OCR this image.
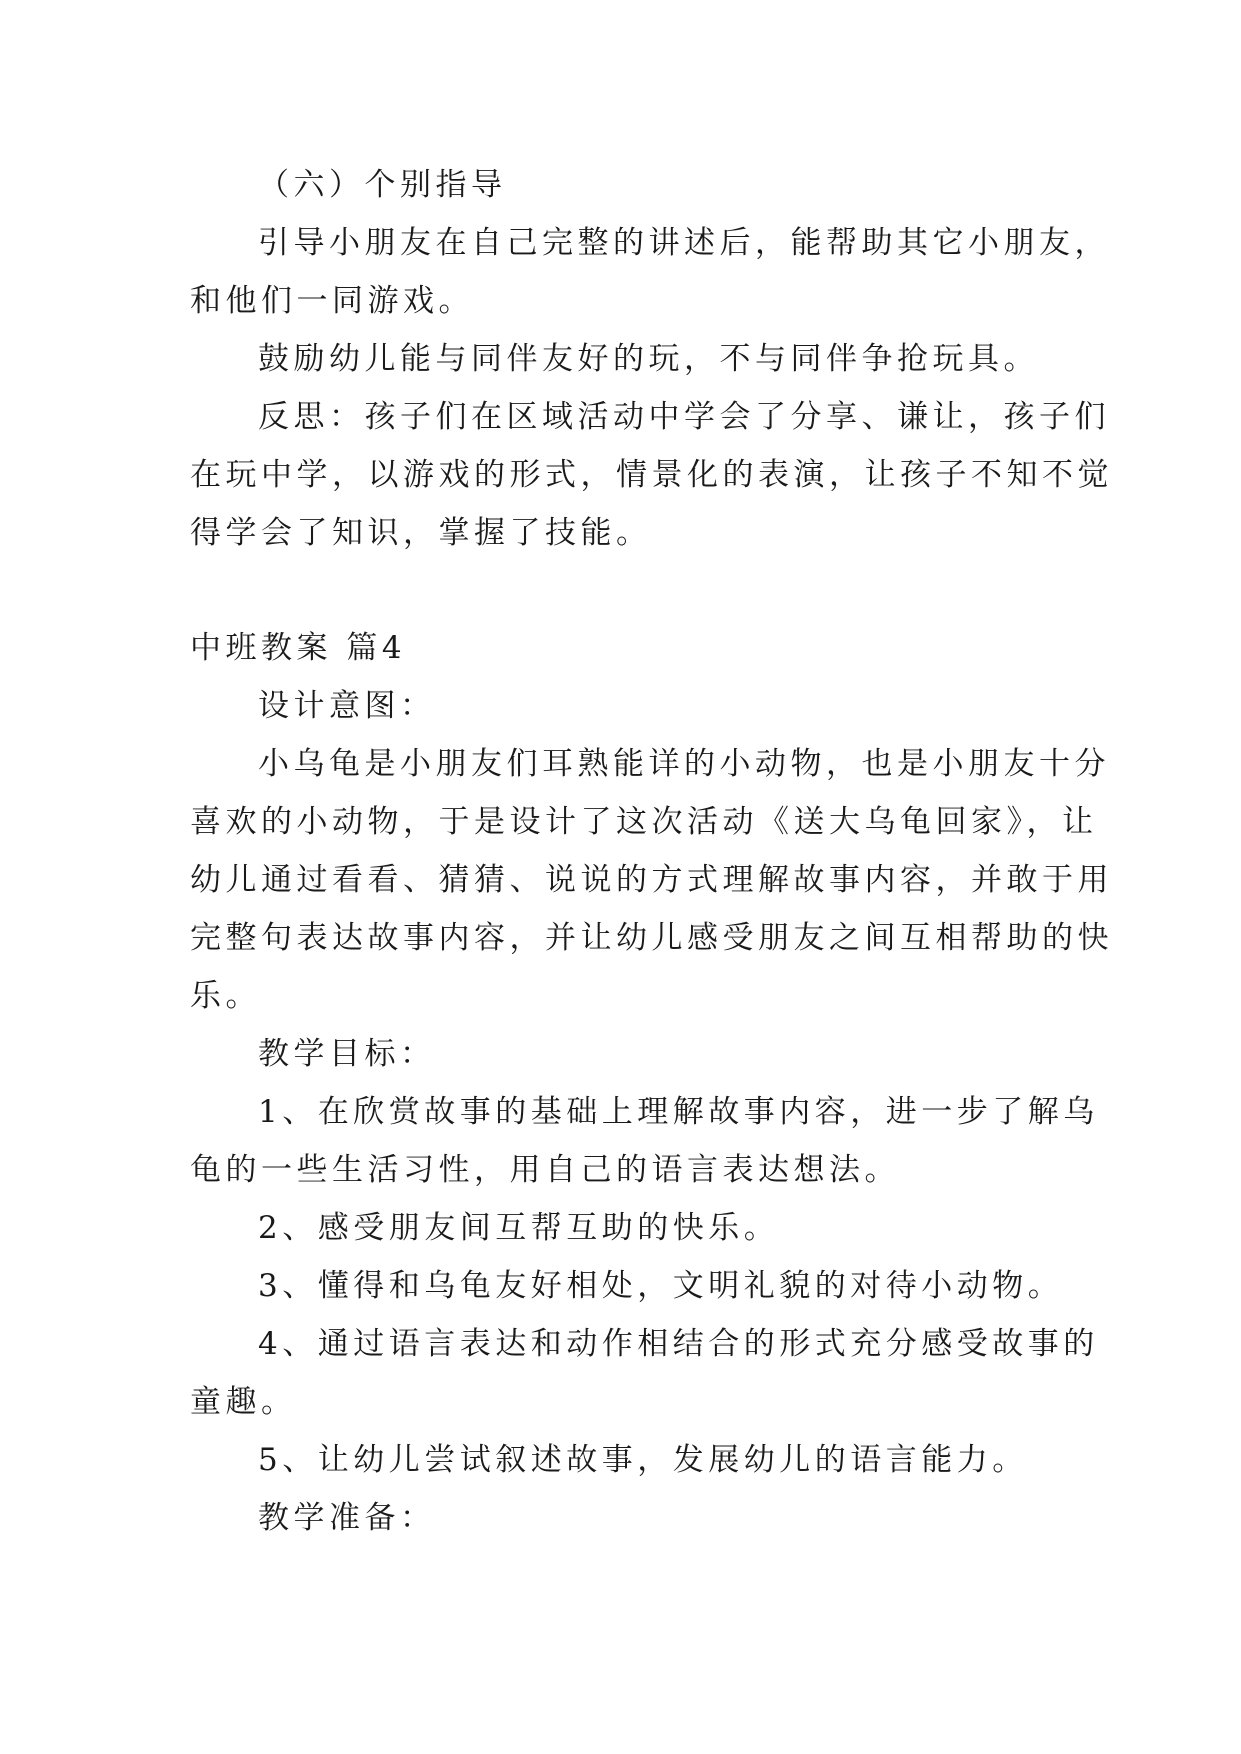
（六）个别指导
引导小朋友在自己完整的讲述后，能帮助其它小朋友，
和他们一同游戏。
鼓励幼儿能与同伴友好的玩，不与同伴争抢玩具。
反思：孩子们在区域活动中学会了分享、谦让，孩子们
在玩中学，以游戏的形式，情景化的表演，让孩子不知不觉
得学会了知识，掌握了技能。
中班教案 篇4
设计意图：
小乌龟是小朋友们耳熟能详的小动物，也是小朋友十分
喜欢的小动物，于是设计了这次活动《送大乌龟回家》，让
幼儿通过看看、猜猜、说说的方式理解故事内容，并敢于用
完整句表达故事内容，并让幼儿感受朋友之间互相帮助的快
乐。
教学目标：
1、在欣赏故事的基础上理解故事内容，进一步了解乌
龟的一些生活习性，用自己的语言表达想法。
2、感受朋友间互帮互助的快乐。
3、懂得和乌龟友好相处，文明礼貌的对待小动物。
4、通过语言表达和动作相结合的形式充分感受故事的
童趣。
5、让幼儿尝试叙述故事，发展幼儿的语言能力。
教学准备：
